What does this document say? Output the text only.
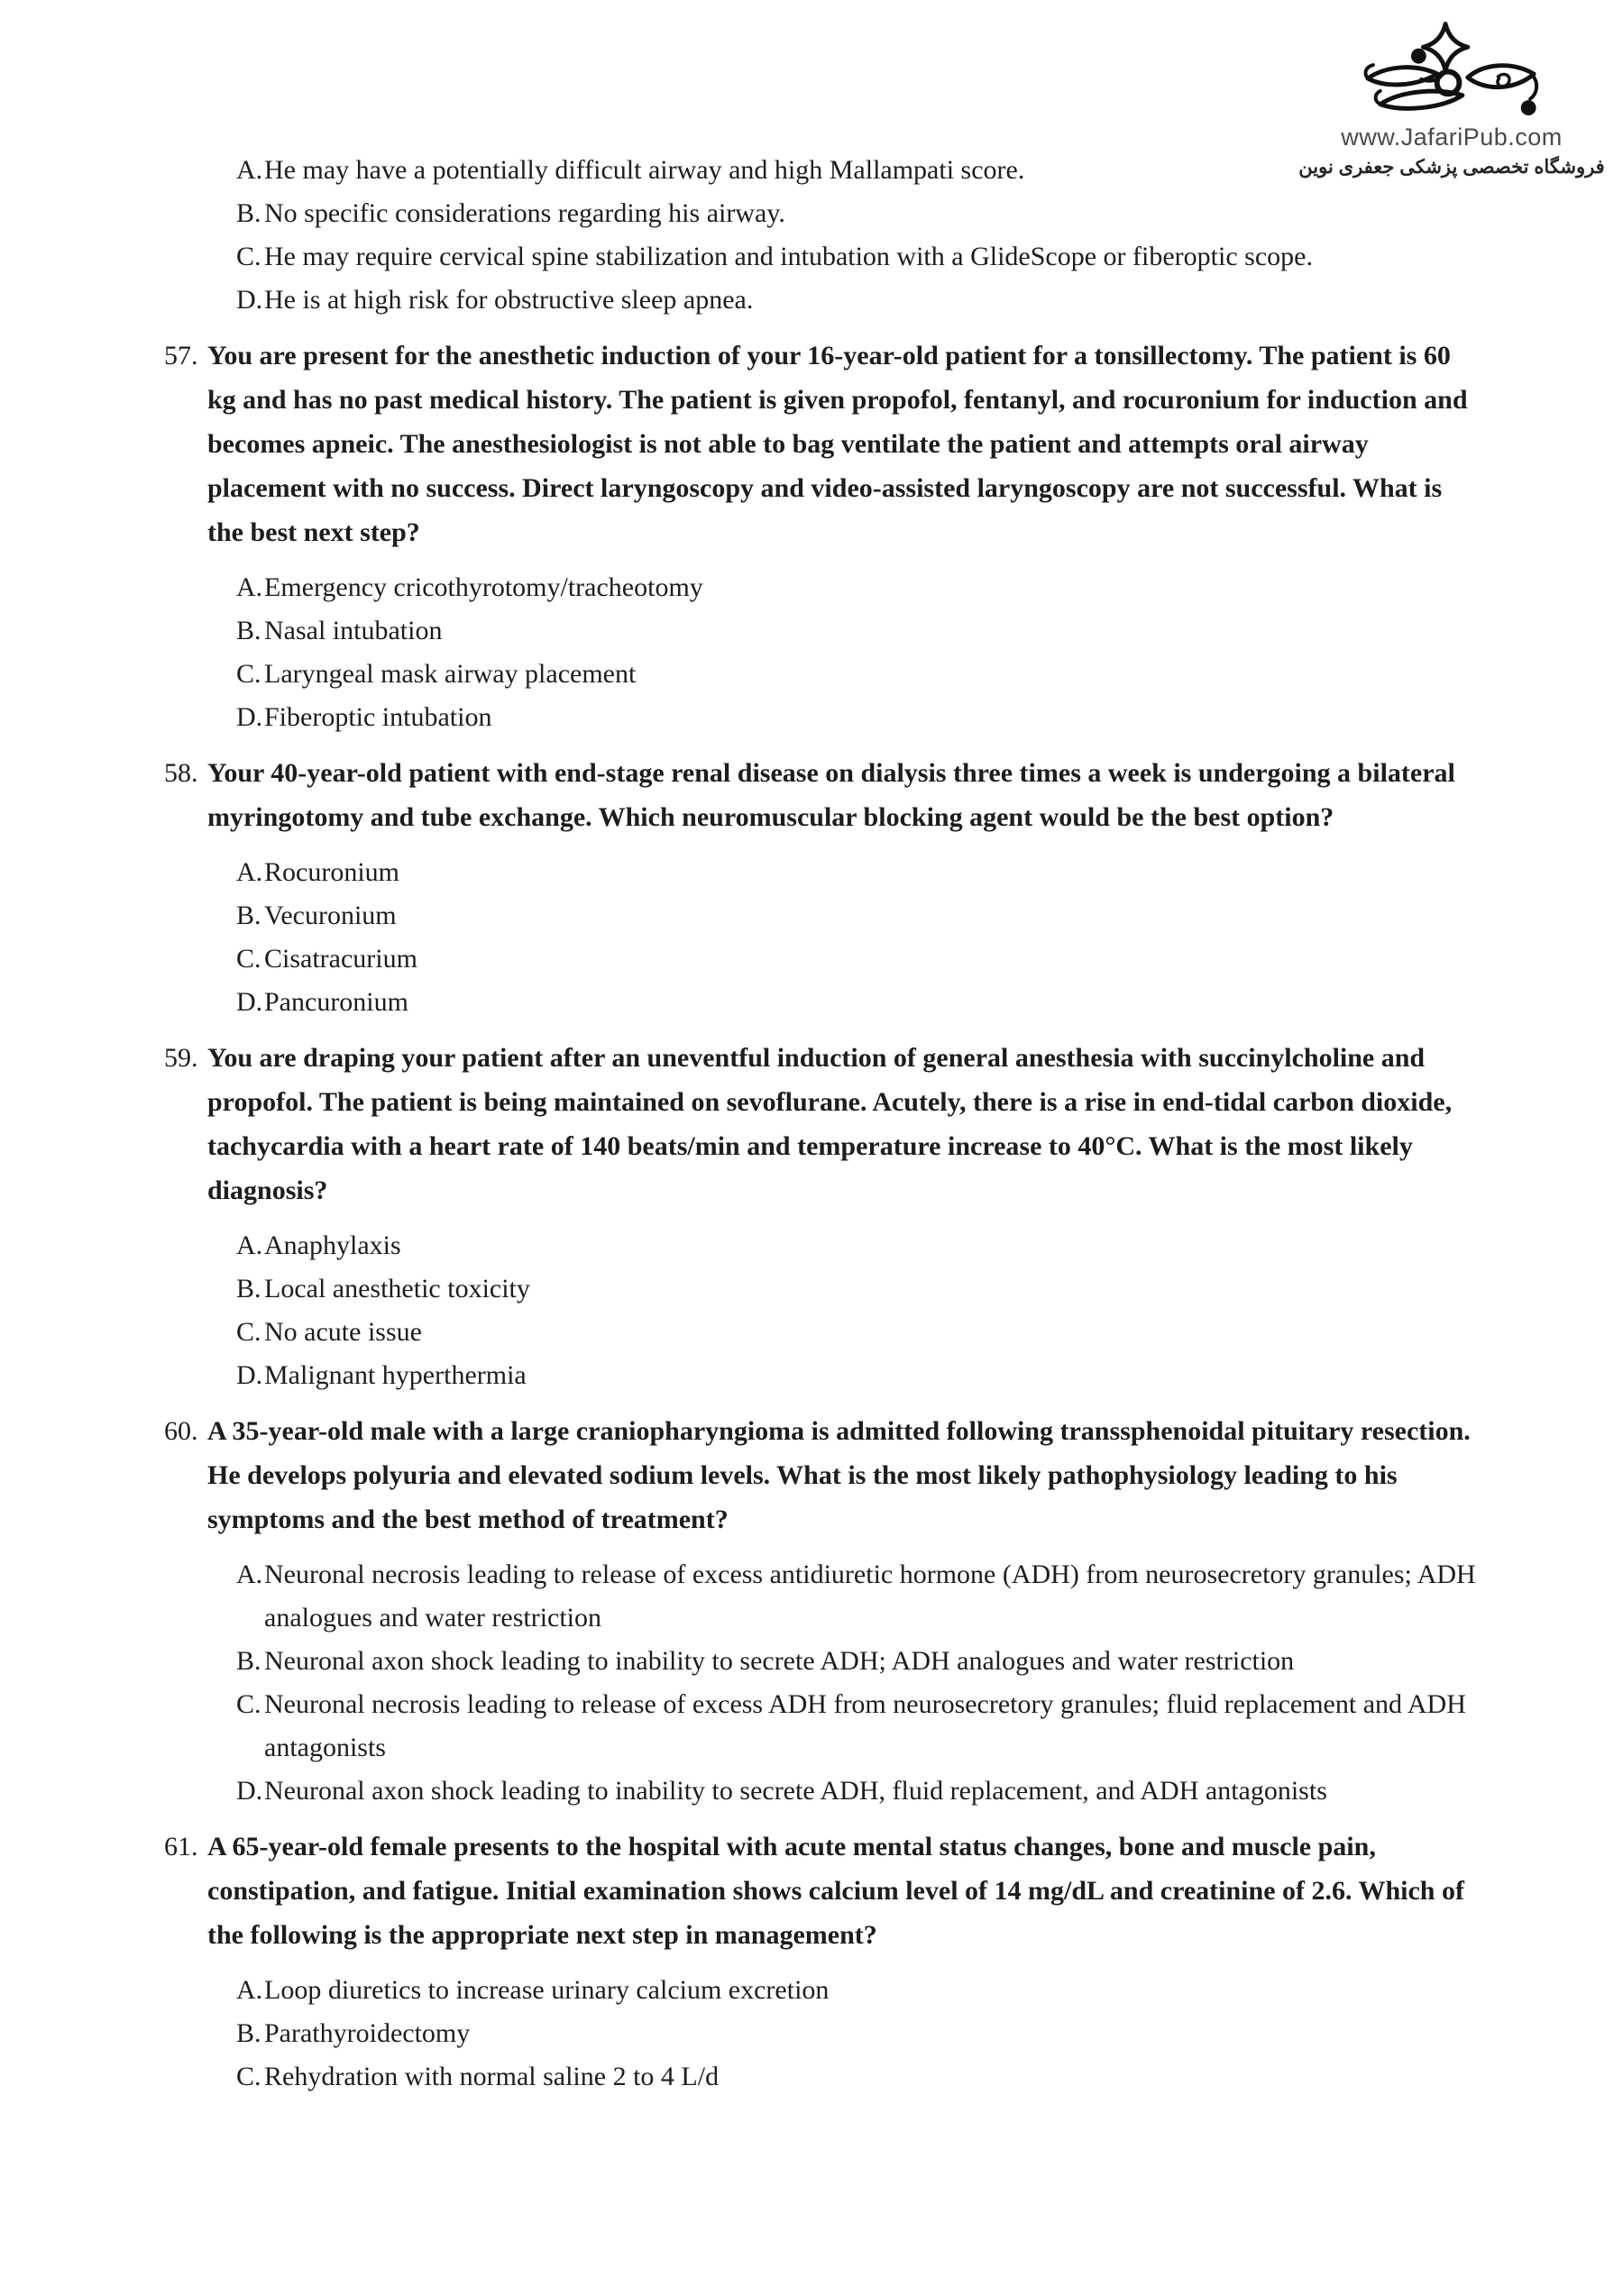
www.JafariPub.com
فروشگاه تخصصی پزشکی جعفری نوین
A.He may have a potentially difficult airway and high Mallampati score.
B. No specific considerations regarding his airway.
C. He may require cervical spine stabilization and intubation with a GlideScope or fiberoptic scope.
D.He is at high risk for obstructive sleep apnea.

57. You are present for the anesthetic induction of your 16-year-old patient for a tonsillectomy. The patient is 60 kg and has no past medical history. The patient is given propofol, fentanyl, and rocuronium for induction and becomes apneic. The anesthesiologist is not able to bag ventilate the patient and attempts oral airway placement with no success. Direct laryngoscopy and video-assisted laryngoscopy are not successful. What is the best next step?

A.Emergency cricothyrotomy/tracheotomy
B. Nasal intubation
C. Laryngeal mask airway placement
D.Fiberoptic intubation

58. Your 40-year-old patient with end-stage renal disease on dialysis three times a week is undergoing a bilateral myringotomy and tube exchange. Which neuromuscular blocking agent would be the best option?

A.Rocuronium
B. Vecuronium
C. Cisatracurium
D.Pancuronium

59. You are draping your patient after an uneventful induction of general anesthesia with succinylcholine and propofol. The patient is being maintained on sevoflurane. Acutely, there is a rise in end-tidal carbon dioxide, tachycardia with a heart rate of 140 beats/min and temperature increase to 40°C. What is the most likely diagnosis?

A.Anaphylaxis
B. Local anesthetic toxicity
C. No acute issue
D.Malignant hyperthermia

60. A 35-year-old male with a large craniopharyngioma is admitted following transsphenoidal pituitary resection. He develops polyuria and elevated sodium levels. What is the most likely pathophysiology leading to his symptoms and the best method of treatment?

A.Neuronal necrosis leading to release of excess antidiuretic hormone (ADH) from neurosecretory granules; ADH analogues and water restriction
B. Neuronal axon shock leading to inability to secrete ADH; ADH analogues and water restriction
C. Neuronal necrosis leading to release of excess ADH from neurosecretory granules; fluid replacement and ADH antagonists
D.Neuronal axon shock leading to inability to secrete ADH, fluid replacement, and ADH antagonists

61. A 65-year-old female presents to the hospital with acute mental status changes, bone and muscle pain, constipation, and fatigue. Initial examination shows calcium level of 14 mg/dL and creatinine of 2.6. Which of the following is the appropriate next step in management?

A.Loop diuretics to increase urinary calcium excretion
B. Parathyroidectomy
C. Rehydration with normal saline 2 to 4 L/d
